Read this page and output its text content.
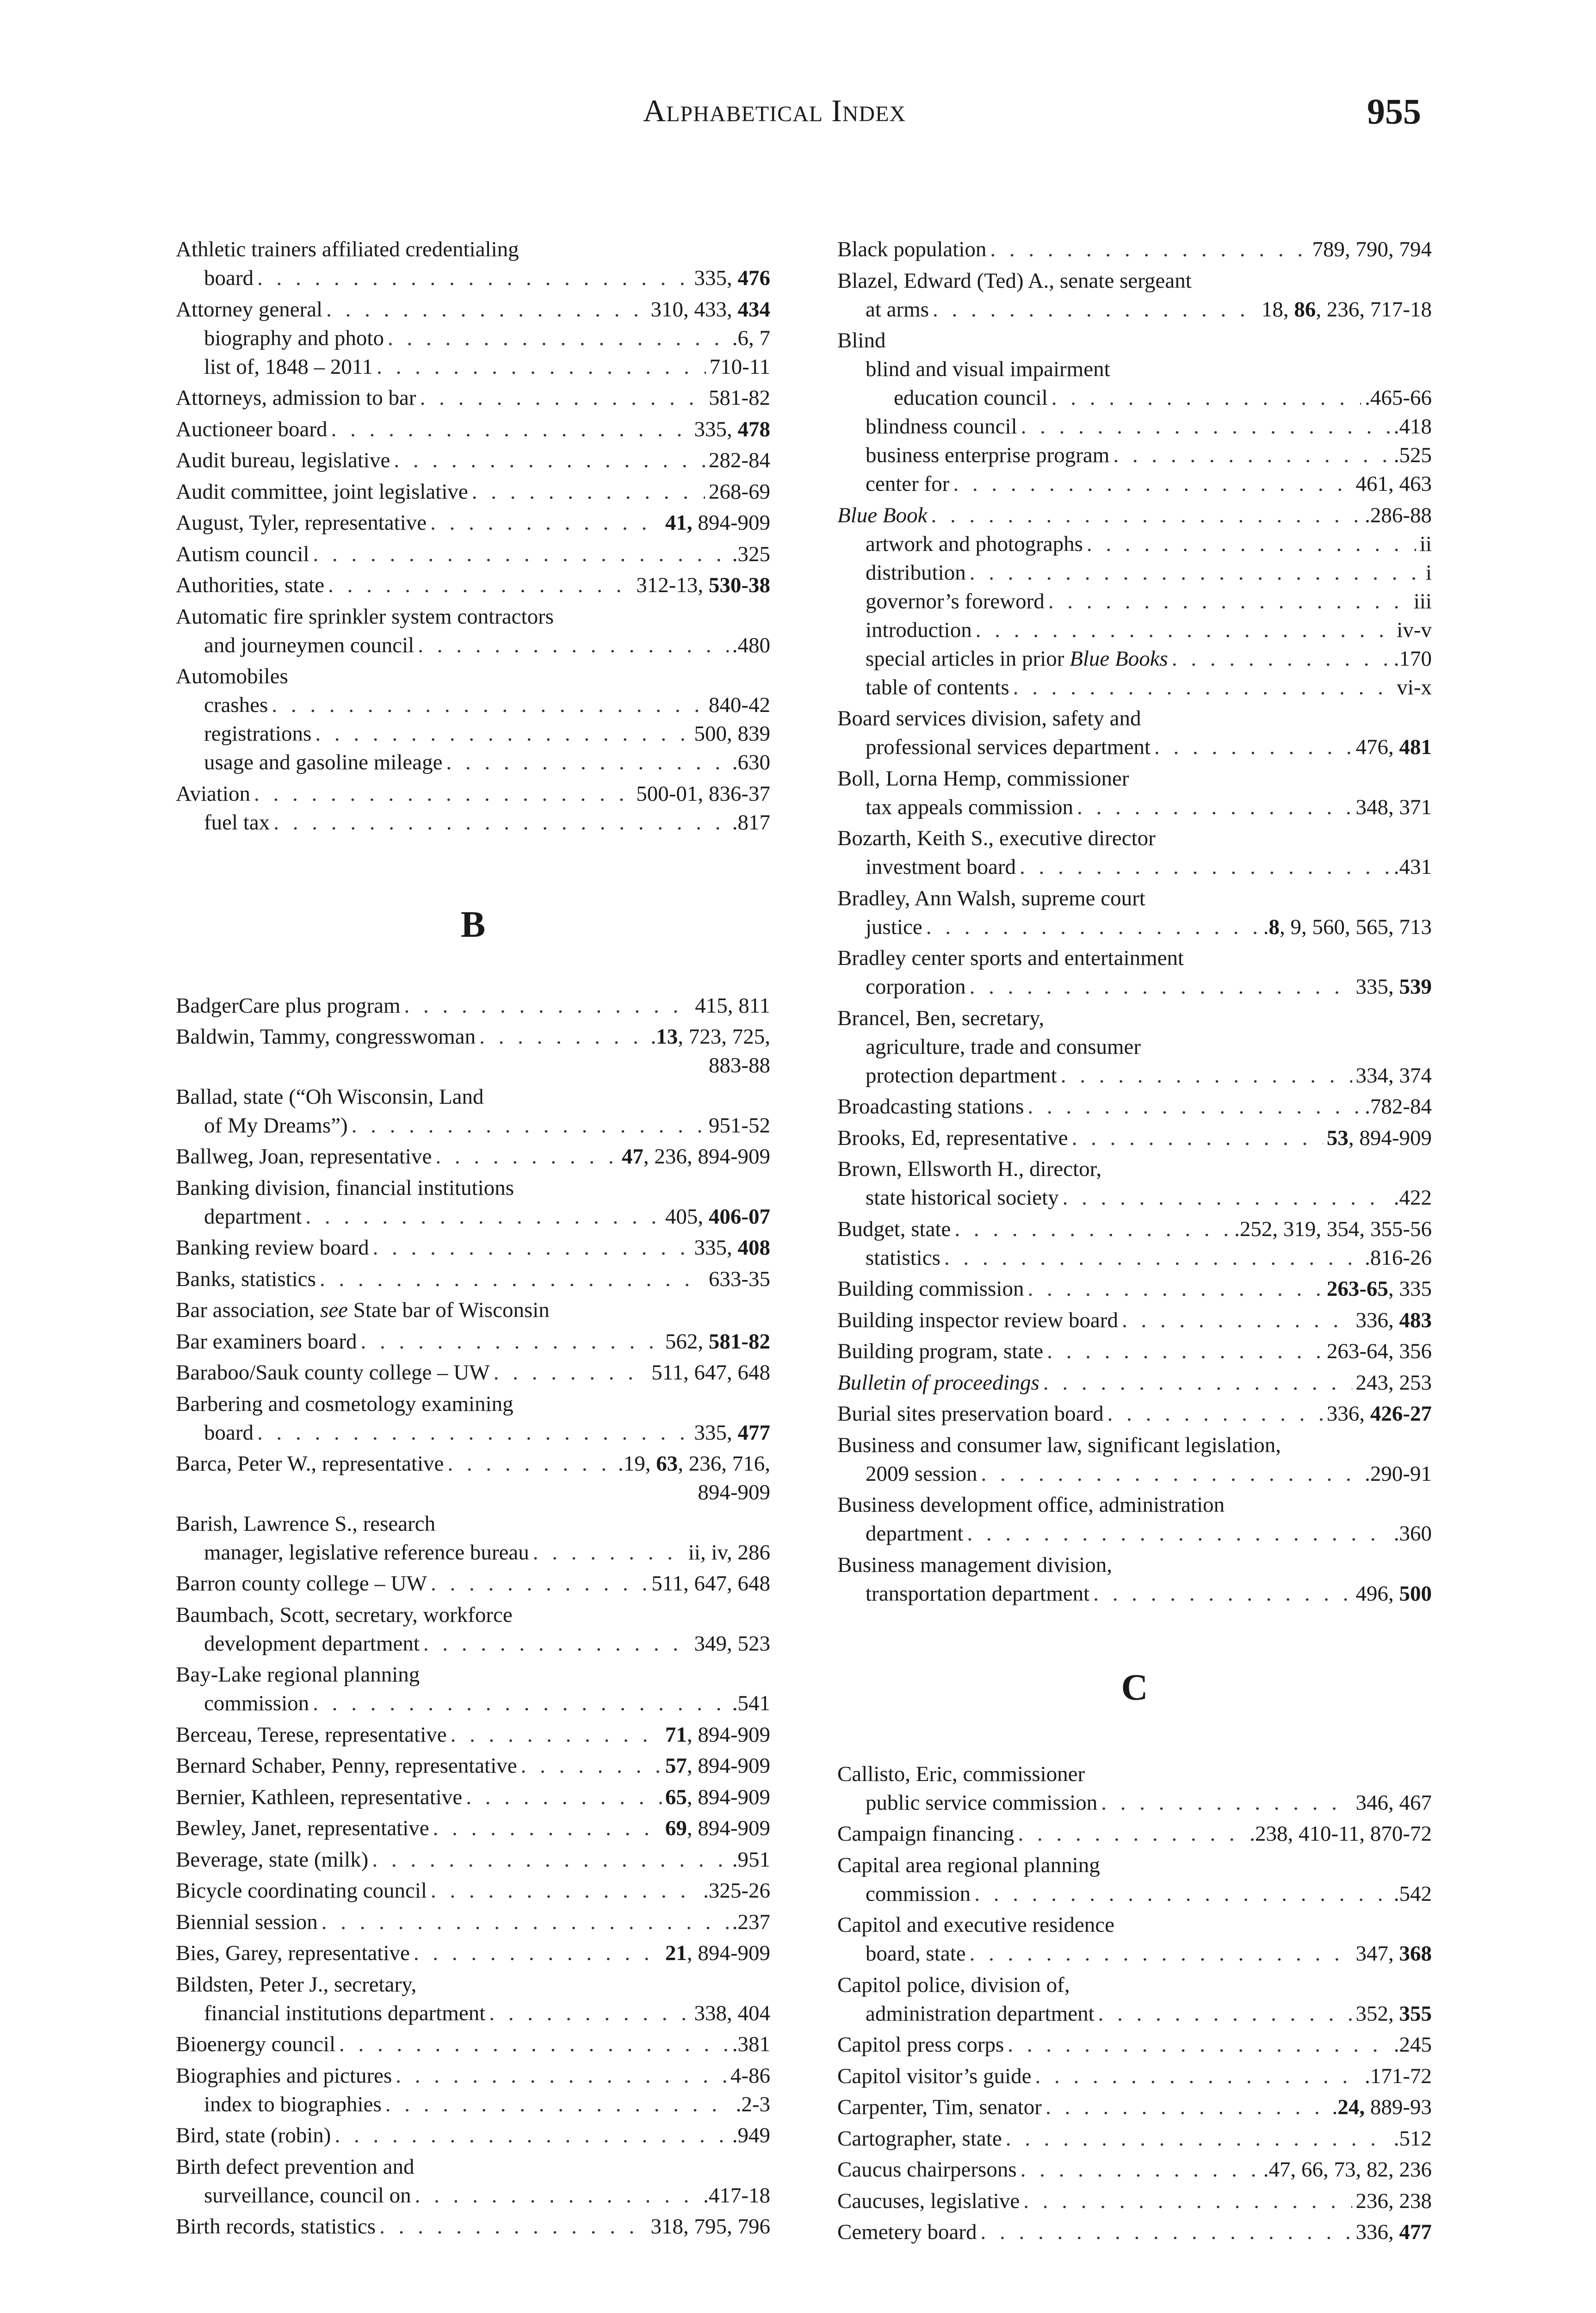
Alphabetical Index	955
Athletic trainers affiliated credentialing
board . . .	335, 476
Attorney general . . .	310, 433, 434
biography and photo . . .	.6, 7
list of, 1848 – 2011 . . .	710-11
Attorneys, admission to bar . . .	581-82
Auctioneer board . . .	335, 478
Audit bureau, legislative . . .	282-84
Audit committee, joint legislative . . .	268-69
August, Tyler, representative . . .	41, 894-909
Autism council . . .	.325
Authorities, state . . .	312-13, 530-38
Automatic fire sprinkler system contractors
and journeymen council . . .	.480
Automobiles
crashes . . .	840-42
registrations . . .	500, 839
usage and gasoline mileage . . .	.630
Aviation . . .	500-01, 836-37
fuel tax . . .	.817
B
BadgerCare plus program . . .	415, 811
Baldwin, Tammy, congresswoman . . .	.13, 723, 725,
883-88
Ballad, state (“Oh Wisconsin, Land
of My Dreams”) . . .	951-52
Ballweg, Joan, representative . . .	47, 236, 894-909
Banking division, financial institutions
department . . .	405, 406-07
Banking review board . . .	335, 408
Banks, statistics . . .	633-35
Bar association, see State bar of Wisconsin
Bar examiners board . . .	562, 581-82
Baraboo/Sauk county college – UW . . .	511, 647, 648
Barbering and cosmetology examining
board . . .	335, 477
Barca, Peter W., representative . . .	.19, 63, 236, 716,
894-909
Barish, Lawrence S., research
manager, legislative reference bureau . . .	ii, iv, 286
Barron county college – UW . . .	511, 647, 648
Baumbach, Scott, secretary, workforce
development department . . .	349, 523
Bay-Lake regional planning
commission . . .	.541
Berceau, Terese, representative . . .	71, 894-909
Bernard Schaber, Penny, representative . . .	57, 894-909
Bernier, Kathleen, representative . . .	65, 894-909
Bewley, Janet, representative . . .	69, 894-909
Beverage, state (milk) . . .	.951
Bicycle coordinating council . . .	.325-26
Biennial session . . .	.237
Bies, Garey, representative . . .	21, 894-909
Bildsten, Peter J., secretary,
financial institutions department . . .	338, 404
Bioenergy council . . .	.381
Biographies and pictures . . .	4-86
index to biographies . . .	.2-3
Bird, state (robin) . . .	.949
Birth defect prevention and
surveillance, council on . . .	.417-18
Birth records, statistics . . .	318, 795, 796
Black population . . .	789, 790, 794
Blazel, Edward (Ted) A., senate sergeant
at arms . . .	18, 86, 236, 717-18
Blind
blind and visual impairment
education council . . .	.465-66
blindness council . . .	.418
business enterprise program . . .	.525
center for . . .	461, 463
Blue Book . . .	.286-88
artwork and photographs . . .	ii
distribution . . .	i
governor’s foreword . . .	iii
introduction . . .	iv-v
special articles in prior Blue Books . . .	.170
table of contents . . .	vi-x
Board services division, safety and
professional services department . . .	476, 481
Boll, Lorna Hemp, commissioner
tax appeals commission . . .	348, 371
Bozarth, Keith S., executive director
investment board . . .	.431
Bradley, Ann Walsh, supreme court
justice . . .	.8, 9, 560, 565, 713
Bradley center sports and entertainment
corporation . . .	335, 539
Brancel, Ben, secretary,
agriculture, trade and consumer
protection department . . .	334, 374
Broadcasting stations . . .	.782-84
Brooks, Ed, representative . . .	53, 894-909
Brown, Ellsworth H., director,
state historical society . . .	.422
Budget, state . . .	.252, 319, 354, 355-56
statistics . . .	.816-26
Building commission . . .	263-65, 335
Building inspector review board . . .	336, 483
Building program, state . . .	263-64, 356
Bulletin of proceedings . . .	243, 253
Burial sites preservation board . . .	336, 426-27
Business and consumer law, significant legislation,
2009 session . . .	.290-91
Business development office, administration
department . . .	.360
Business management division,
transportation department . . .	496, 500
C
Callisto, Eric, commissioner
public service commission . . .	346, 467
Campaign financing . . .	.238, 410-11, 870-72
Capital area regional planning
commission . . .	.542
Capitol and executive residence
board, state . . .	347, 368
Capitol police, division of,
administration department . . .	352, 355
Capitol press corps . . .	.245
Capitol visitor’s guide . . .	.171-72
Carpenter, Tim, senator . . .	.24, 889-93
Cartographer, state . . .	.512
Caucus chairpersons . . .	.47, 66, 73, 82, 236
Caucuses, legislative . . .	236, 238
Cemetery board . . .	336, 477
